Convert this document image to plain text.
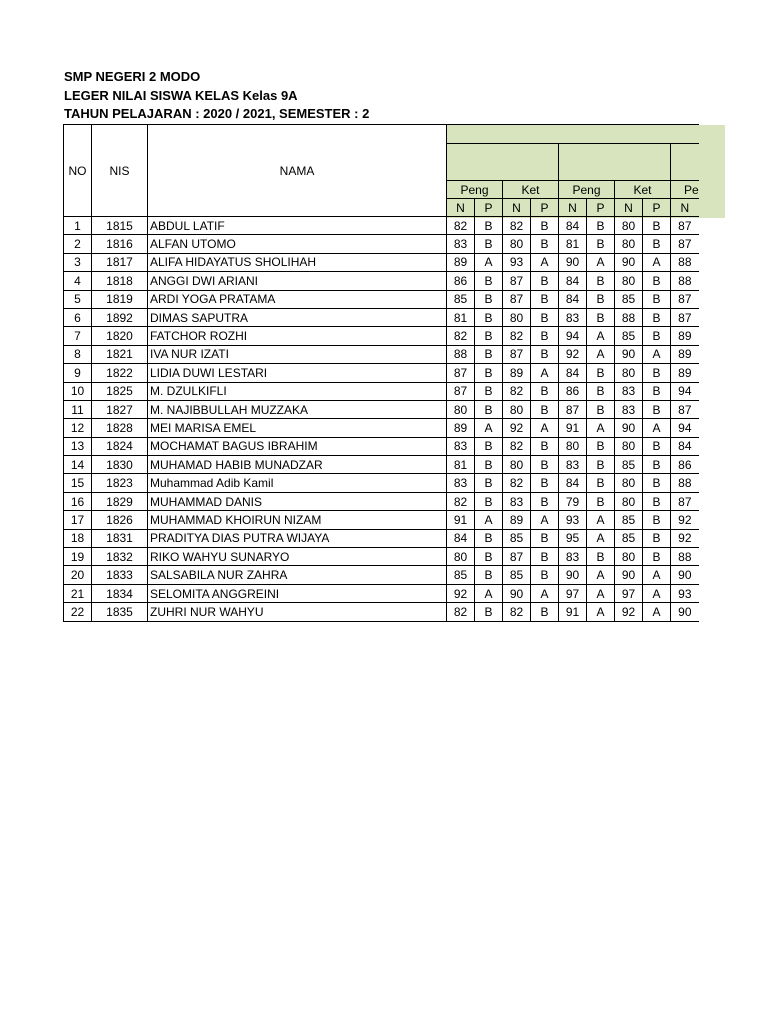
SMP NEGERI 2 MODO
LEGER NILAI SISWA KELAS Kelas 9A
TAHUN PELAJARAN : 2020 / 2021, SEMESTER : 2
NO	NIS	NAMA									

			Peng		Ket		Peng		Ket		Pe
			N	P	N	P	N	P	N	P	N
1	1815	ABDUL LATIF	82	B	82	B	84	B	80	B	87
2	1816	ALFAN UTOMO	83	B	80	B	81	B	80	B	87
3	1817	ALIFA HIDAYATUS SHOLIHAH	89	A	93	A	90	A	90	A	88
4	1818	ANGGI DWI ARIANI	86	B	87	B	84	B	80	B	88
5	1819	ARDI YOGA PRATAMA	85	B	87	B	84	B	85	B	87
6	1892	DIMAS SAPUTRA	81	B	80	B	83	B	88	B	87
7	1820	FATCHOR ROZHI	82	B	82	B	94	A	85	B	89
8	1821	IVA NUR IZATI	88	B	87	B	92	A	90	A	89
9	1822	LIDIA DUWI LESTARI	87	B	89	A	84	B	80	B	89
10	1825	M. DZULKIFLI	87	B	82	B	86	B	83	B	94
11	1827	M. NAJIBBULLAH MUZZAKA	80	B	80	B	87	B	83	B	87
12	1828	MEI MARISA EMEL	89	A	92	A	91	A	90	A	94
13	1824	MOCHAMAT BAGUS IBRAHIM	83	B	82	B	80	B	80	B	84
14	1830	MUHAMAD HABIB MUNADZAR	81	B	80	B	83	B	85	B	86
15	1823	Muhammad Adib Kamil	83	B	82	B	84	B	80	B	88
16	1829	MUHAMMAD DANIS	82	B	83	B	79	B	80	B	87
17	1826	MUHAMMAD KHOIRUN NIZAM	91	A	89	A	93	A	85	B	92
18	1831	PRADITYA DIAS PUTRA WIJAYA	84	B	85	B	95	A	85	B	92
19	1832	RIKO WAHYU SUNARYO	80	B	87	B	83	B	80	B	88
20	1833	SALSABILA NUR ZAHRA	85	B	85	B	90	A	90	A	90
21	1834	SELOMITA ANGGREINI	92	A	90	A	97	A	97	A	93
22	1835	ZUHRI NUR WAHYU	82	B	82	B	91	A	92	A	90
